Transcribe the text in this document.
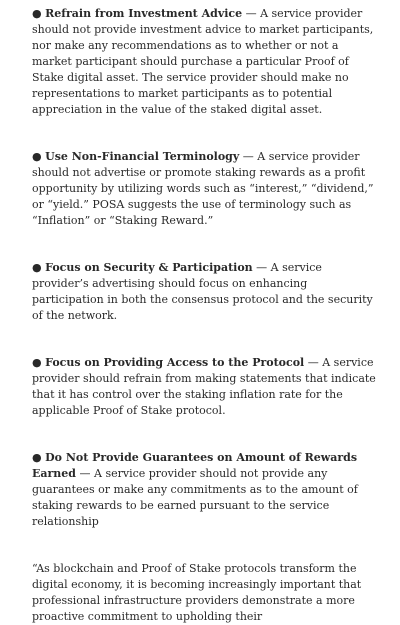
● Refrain from Investment Advice — A service provider should not provide investment advice to market participants, nor make any recommendations as to whether or not a market participant should purchase a particular Proof of Stake digital asset. The service provider should make no representations to market participants as to potential appreciation in the value of the staked digital asset.

● Use Non-Financial Terminology — A service provider should not advertise or promote staking rewards as a profit opportunity by utilizing words such as “interest,” “dividend,” or “yield.” POSA suggests the use of terminology such as “Inflation” or “Staking Reward.”

● Focus on Security & Participation — A service provider’s advertising should focus on enhancing participation in both the consensus protocol and the security of the network.

● Focus on Providing Access to the Protocol — A service provider should refrain from making statements that indicate that it has control over the staking inflation rate for the applicable Proof of Stake protocol.

● Do Not Provide Guarantees on Amount of Rewards Earned — A service provider should not provide any guarantees or make any commitments as to the amount of staking rewards to be earned pursuant to the service relationship

“As blockchain and Proof of Stake protocols transform the digital economy, it is becoming increasingly important that professional infrastructure providers demonstrate a more proactive commitment to upholding their
